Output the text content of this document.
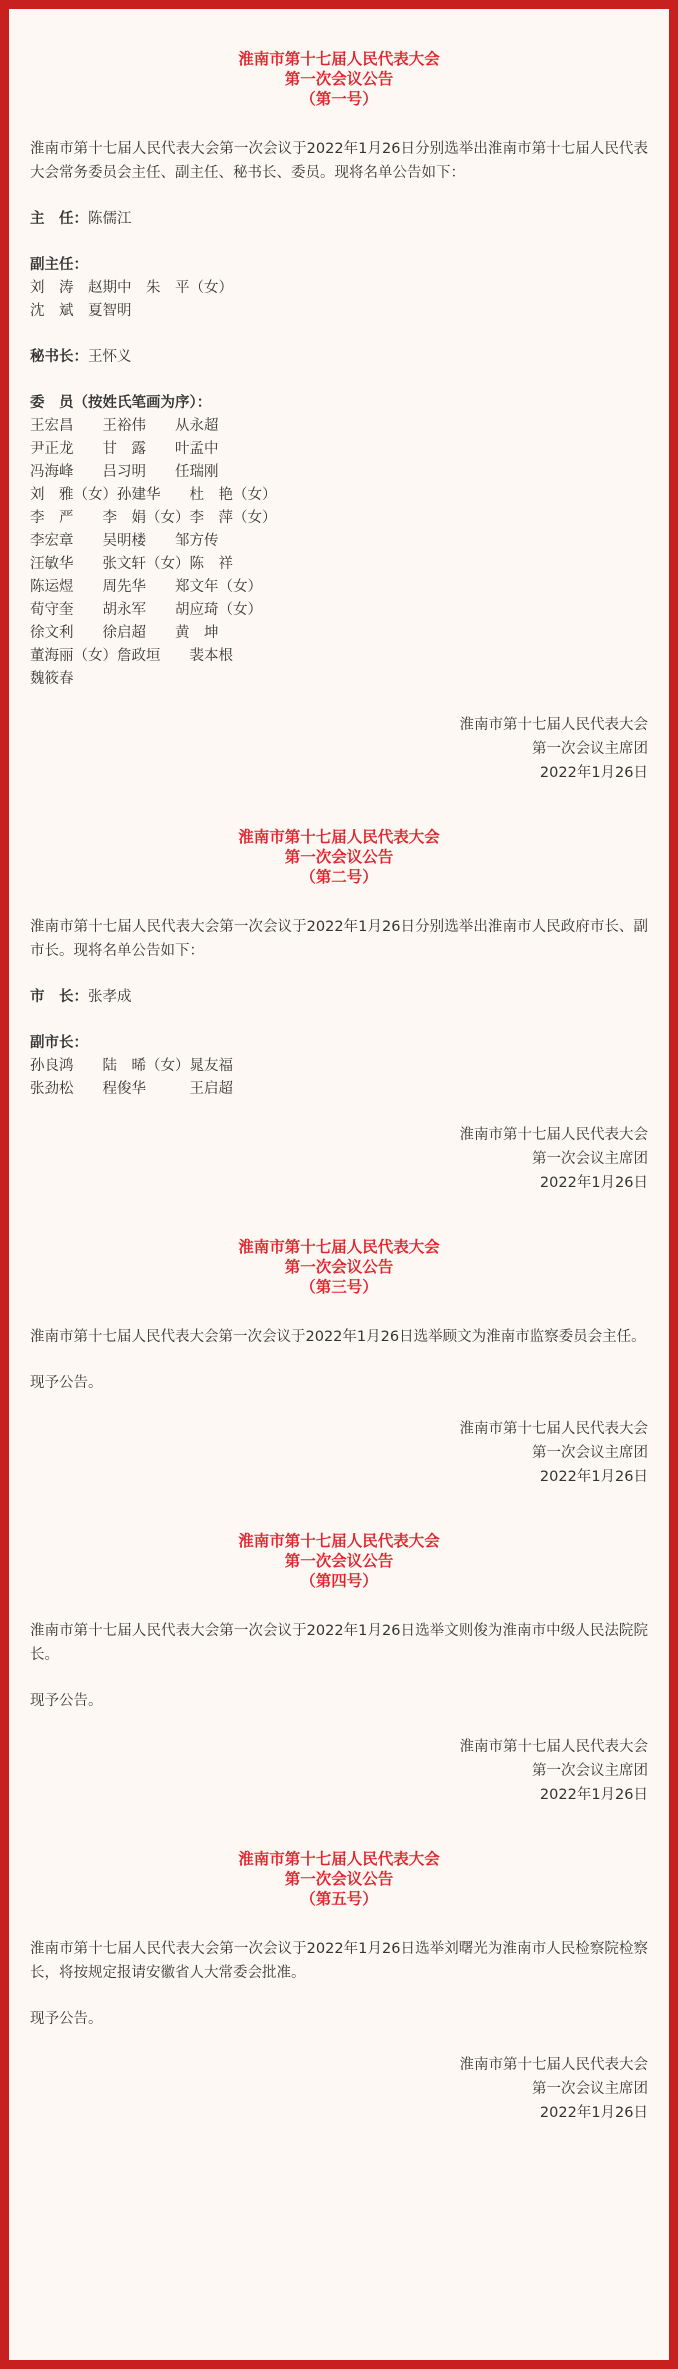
淮南市第十七届人民代表大会
第一次会议公告
（第一号）

淮南市第十七届人民代表大会第一次会议于2022年1月26日分别选举出淮南市第十七届人民代表大会常务委员会主任、副主任、秘书长、委员。现将名单公告如下：

主　任：陈儒江
副主任：
刘　涛　赵期中　朱　平（女）
沈　斌　夏智明
秘书长：王怀义
委　员（按姓氏笔画为序）：
王宏昌　　王裕伟　　从永超
尹正龙　　甘　露　　叶孟中
冯海峰　　吕习明　　任瑞刚
刘　雅（女）孙建华　　杜　艳（女）
李　严　　李　娟（女）李　萍（女）
李宏章　　吴明楼　　邹方传
汪敏华　　张文轩（女）陈　祥
陈运煜　　周先华　　郑文年（女）
荀守奎　　胡永军　　胡应琦（女）
徐文利　　徐启超　　黄　坤
董海丽（女）詹政垣　　裴本根
魏筱春
淮南市第十七届人民代表大会
第一次会议主席团
2022年1月26日
淮南市第十七届人民代表大会
第一次会议公告
（第二号）

淮南市第十七届人民代表大会第一次会议于2022年1月26日分别选举出淮南市人民政府市长、副市长。现将名单公告如下：

市　长：张孝成
副市长：
孙良鸿　　陆　晞（女）晁友福
张劲松　　程俊华　　　王启超
淮南市第十七届人民代表大会
第一次会议主席团
2022年1月26日
淮南市第十七届人民代表大会
第一次会议公告
（第三号）

淮南市第十七届人民代表大会第一次会议于2022年1月26日选举顾文为淮南市监察委员会主任。

现予公告。

淮南市第十七届人民代表大会
第一次会议主席团
2022年1月26日
淮南市第十七届人民代表大会
第一次会议公告
（第四号）

淮南市第十七届人民代表大会第一次会议于2022年1月26日选举文则俊为淮南市中级人民法院院长。

现予公告。

淮南市第十七届人民代表大会
第一次会议主席团
2022年1月26日
淮南市第十七届人民代表大会
第一次会议公告
（第五号）

淮南市第十七届人民代表大会第一次会议于2022年1月26日选举刘曙光为淮南市人民检察院检察长，将按规定报请安徽省人大常委会批准。

现予公告。

淮南市第十七届人民代表大会
第一次会议主席团
2022年1月26日
